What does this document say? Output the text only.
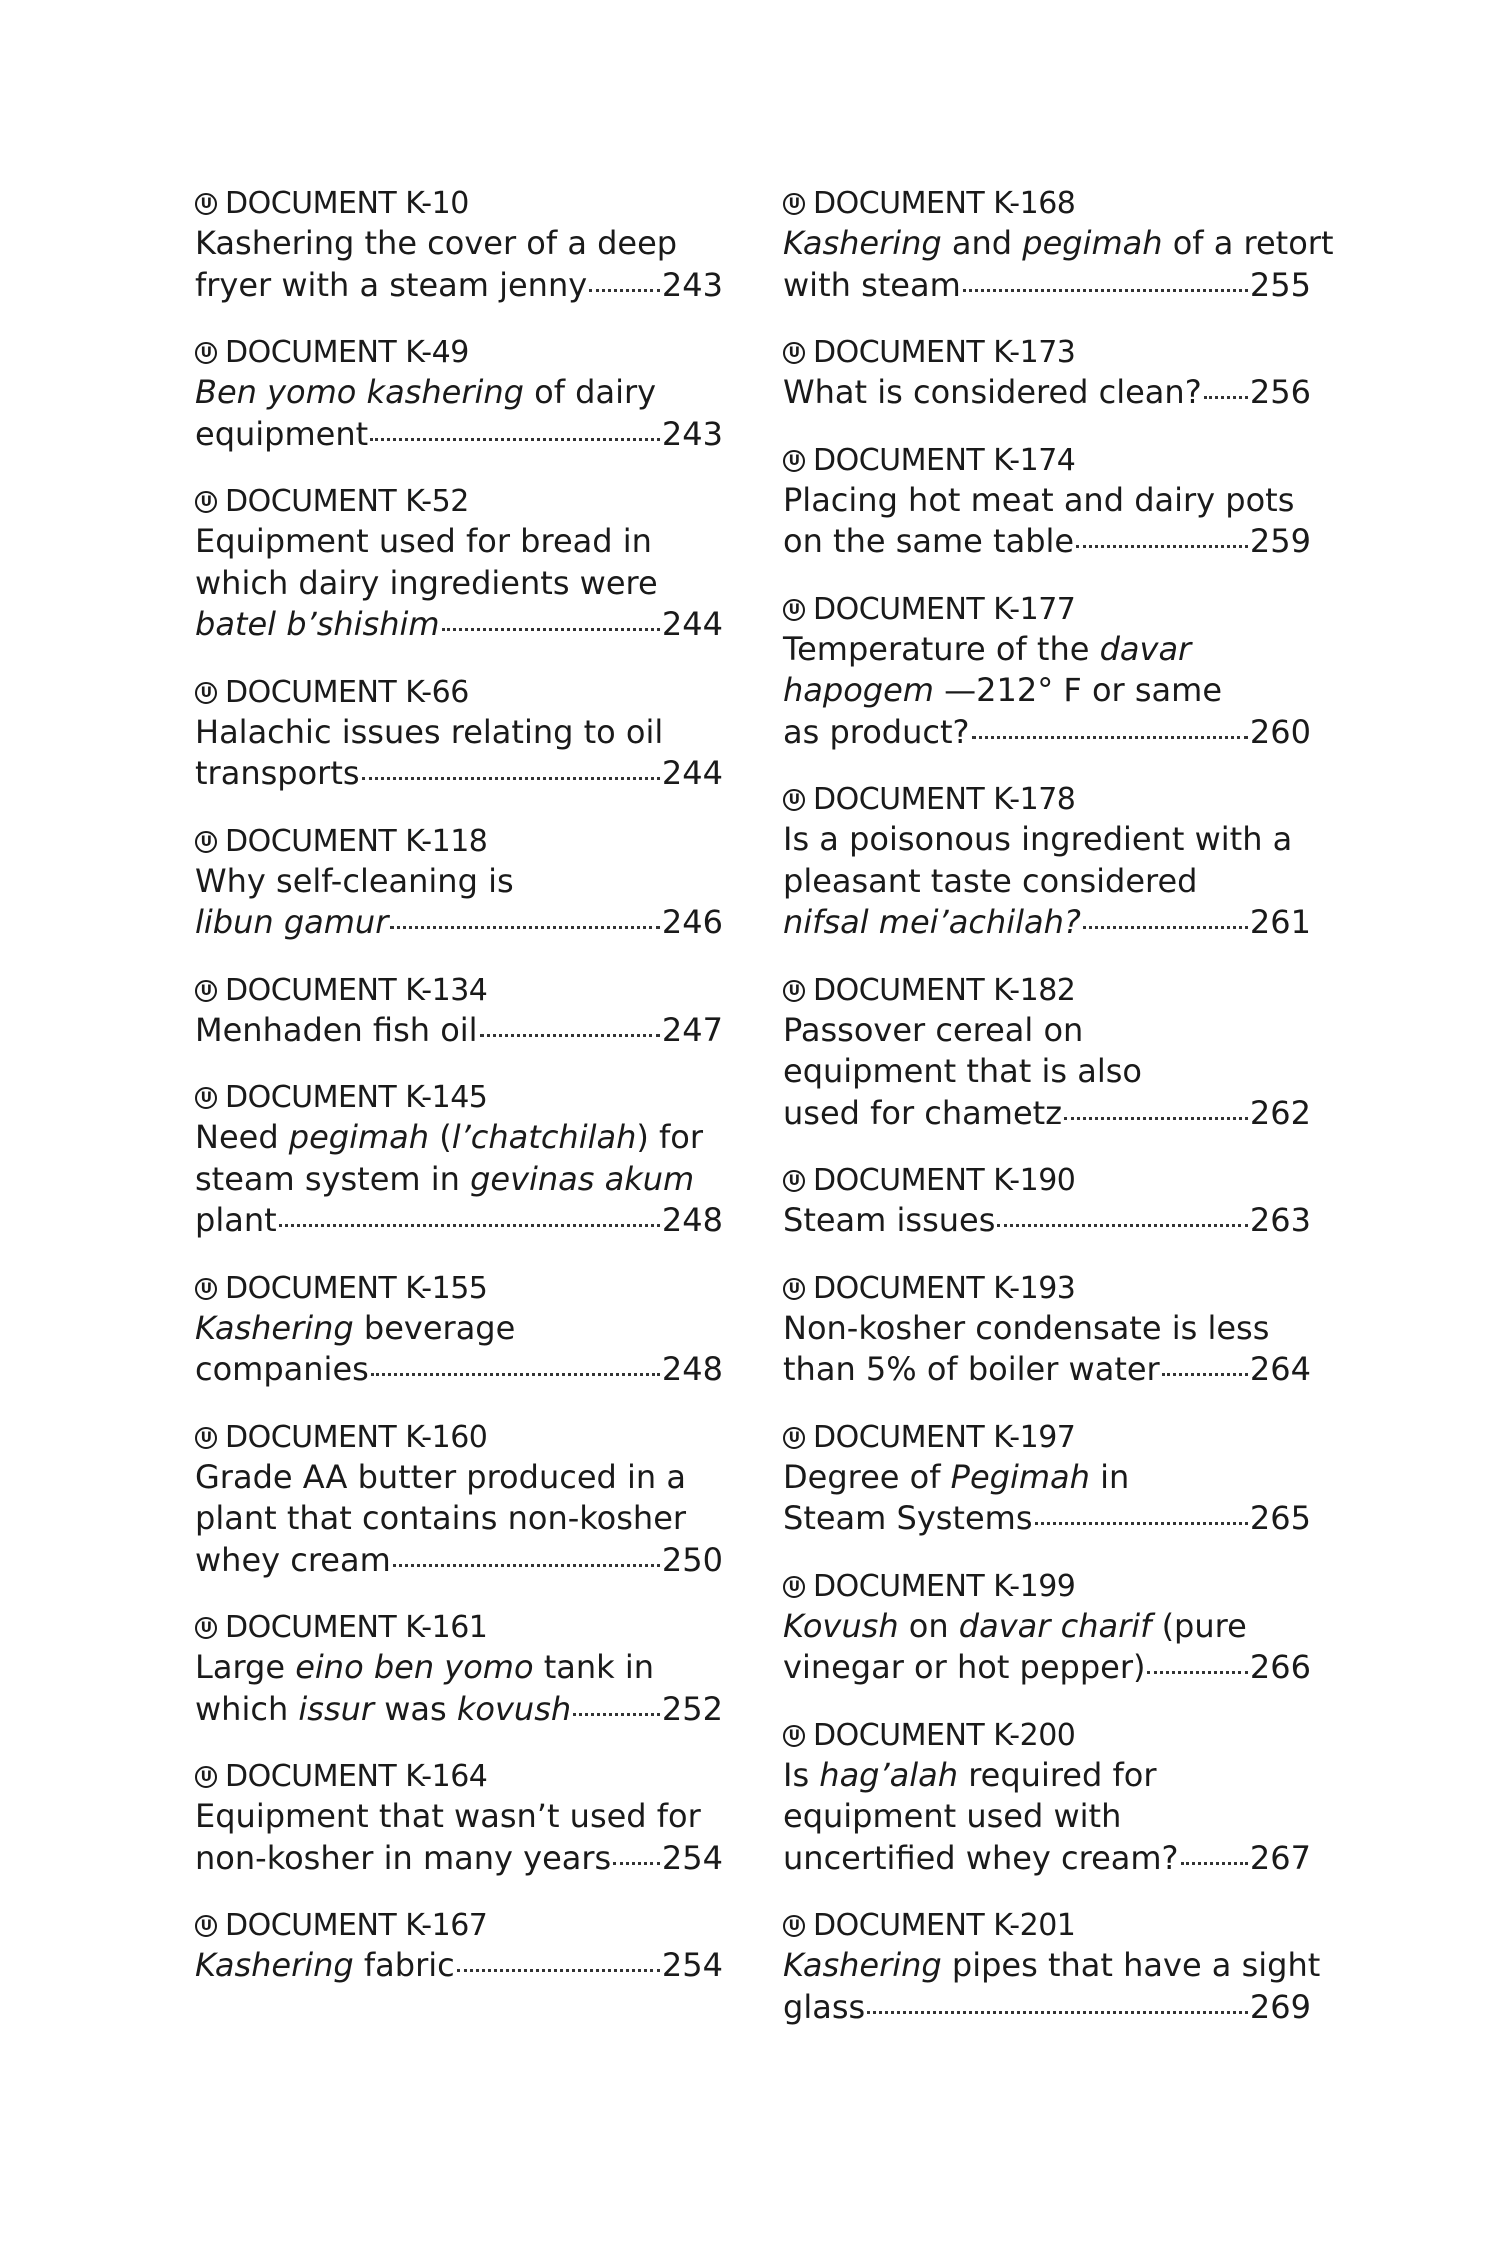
U DOCUMENT K-10
Kashering the cover of a deep
fryer with a steam jenny 243
U DOCUMENT K-49
Ben yomo kashering of dairy
equipment	243
U DOCUMENT K-52
Equipment used for bread in
which dairy ingredients were
batel b’shishim	244
U DOCUMENT K-66
Halachic issues relating to oil
transports	244
U DOCUMENT K-118
Why self-cleaning is
libun gamur	246
U DOCUMENT K-134
Menhaden fish oil	247
U DOCUMENT K-145
Need pegimah (l’chatchilah) for
steam system in gevinas akum
plant	248
U DOCUMENT K-155
Kashering beverage
companies	248
U DOCUMENT K-160
Grade AA butter produced in a
plant that contains non-kosher
whey cream	250
U DOCUMENT K-161
Large eino ben yomo tank in
which issur was kovush	252
U DOCUMENT K-164
Equipment that wasn’t used for
non-kosher in many years 254
U DOCUMENT K-167
Kashering fabric	254
U DOCUMENT K-168
Kashering and pegimah of a retort
with steam	255
U DOCUMENT K-173
What is considered clean? 256
U DOCUMENT K-174
Placing hot meat and dairy pots
on the same table	259
U DOCUMENT K-177
Temperature of the davar
hapogem —212° F or same
as product?	260
U DOCUMENT K-178
Is a poisonous ingredient with a
pleasant taste considered
nifsal mei’achilah?	261
U DOCUMENT K-182
Passover cereal on
equipment that is also
used for chametz	262
U DOCUMENT K-190
Steam issues	263
U DOCUMENT K-193
Non-kosher condensate is less
than 5% of boiler water	264
U DOCUMENT K-197
Degree of Pegimah in
Steam Systems	265
U DOCUMENT K-199
Kovush on davar charif (pure
vinegar or hot pepper)	266
U DOCUMENT K-200
Is hag’alah required for
equipment used with
uncertified whey cream? 267
U DOCUMENT K-201
Kashering pipes that have a sight
glass	269
